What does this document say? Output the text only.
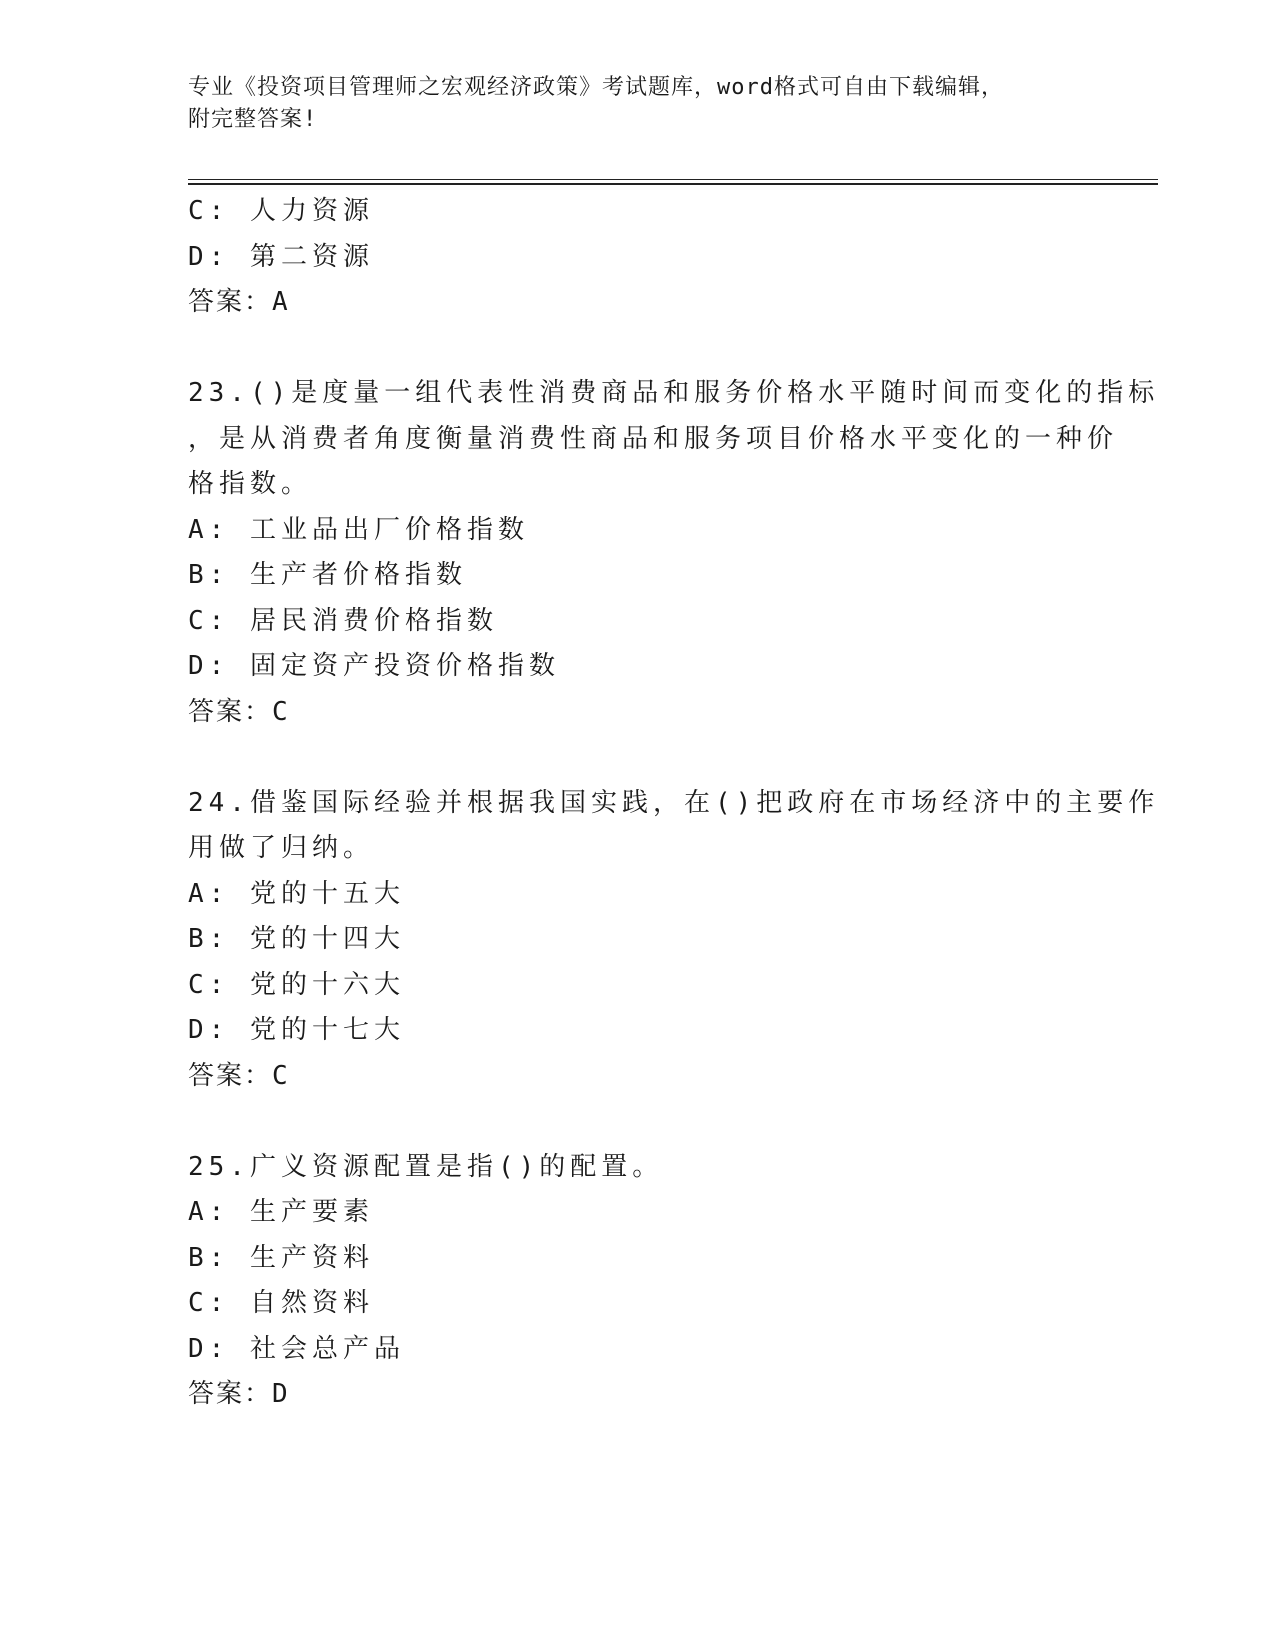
专业《投资项目管理师之宏观经济政策》考试题库，word格式可自由下载编辑，
附完整答案!
C: 人力资源
D: 第二资源
答案：A
23.()是度量一组代表性消费商品和服务价格水平随时间而变化的指标
，是从消费者角度衡量消费性商品和服务项目价格水平变化的一种价
格指数。
A: 工业品出厂价格指数
B: 生产者价格指数
C: 居民消费价格指数
D: 固定资产投资价格指数
答案：C
24.借鉴国际经验并根据我国实践，在()把政府在市场经济中的主要作
用做了归纳。
A: 党的十五大
B: 党的十四大
C: 党的十六大
D: 党的十七大
答案：C
25.广义资源配置是指()的配置。
A: 生产要素
B: 生产资料
C: 自然资料
D: 社会总产品
答案：D
